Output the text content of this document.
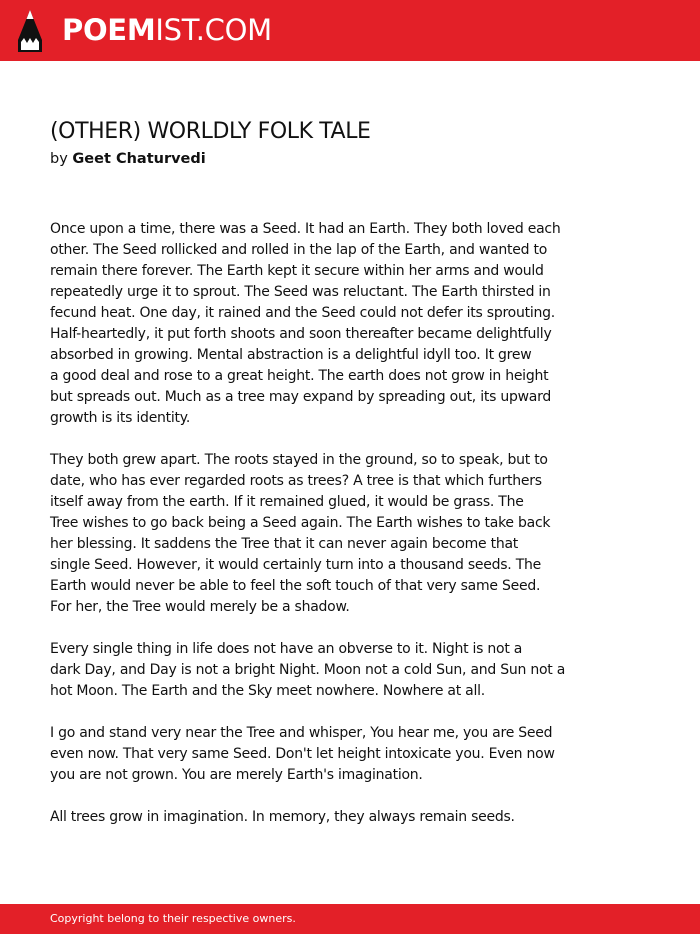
POEMIST.COM
(OTHER) WORLDLY FOLK TALE
by Geet Chaturvedi
Once upon a time, there was a Seed. It had an Earth. They both loved each
other. The Seed rollicked and rolled in the lap of the Earth, and wanted to
remain there forever. The Earth kept it secure within her arms and would
repeatedly urge it to sprout. The Seed was reluctant. The Earth thirsted in
fecund heat. One day, it rained and the Seed could not defer its sprouting.
Half-heartedly, it put forth shoots and soon thereafter became delightfully
absorbed in growing. Mental abstraction is a delightful idyll too. It grew
a good deal and rose to a great height. The earth does not grow in height
but spreads out. Much as a tree may expand by spreading out, its upward
growth is its identity.
They both grew apart. The roots stayed in the ground, so to speak, but to
date, who has ever regarded roots as trees? A tree is that which furthers
itself away from the earth. If it remained glued, it would be grass. The
Tree wishes to go back being a Seed again. The Earth wishes to take back
her blessing. It saddens the Tree that it can never again become that
single Seed. However, it would certainly turn into a thousand seeds. The
Earth would never be able to feel the soft touch of that very same Seed.
For her, the Tree would merely be a shadow.
Every single thing in life does not have an obverse to it. Night is not a
dark Day, and Day is not a bright Night. Moon not a cold Sun, and Sun not a
hot Moon. The Earth and the Sky meet nowhere. Nowhere at all.
I go and stand very near the Tree and whisper, You hear me, you are Seed
even now. That very same Seed. Don't let height intoxicate you. Even now
you are not grown. You are merely Earth's imagination.
All trees grow in imagination. In memory, they always remain seeds.
Copyright belong to their respective owners.
